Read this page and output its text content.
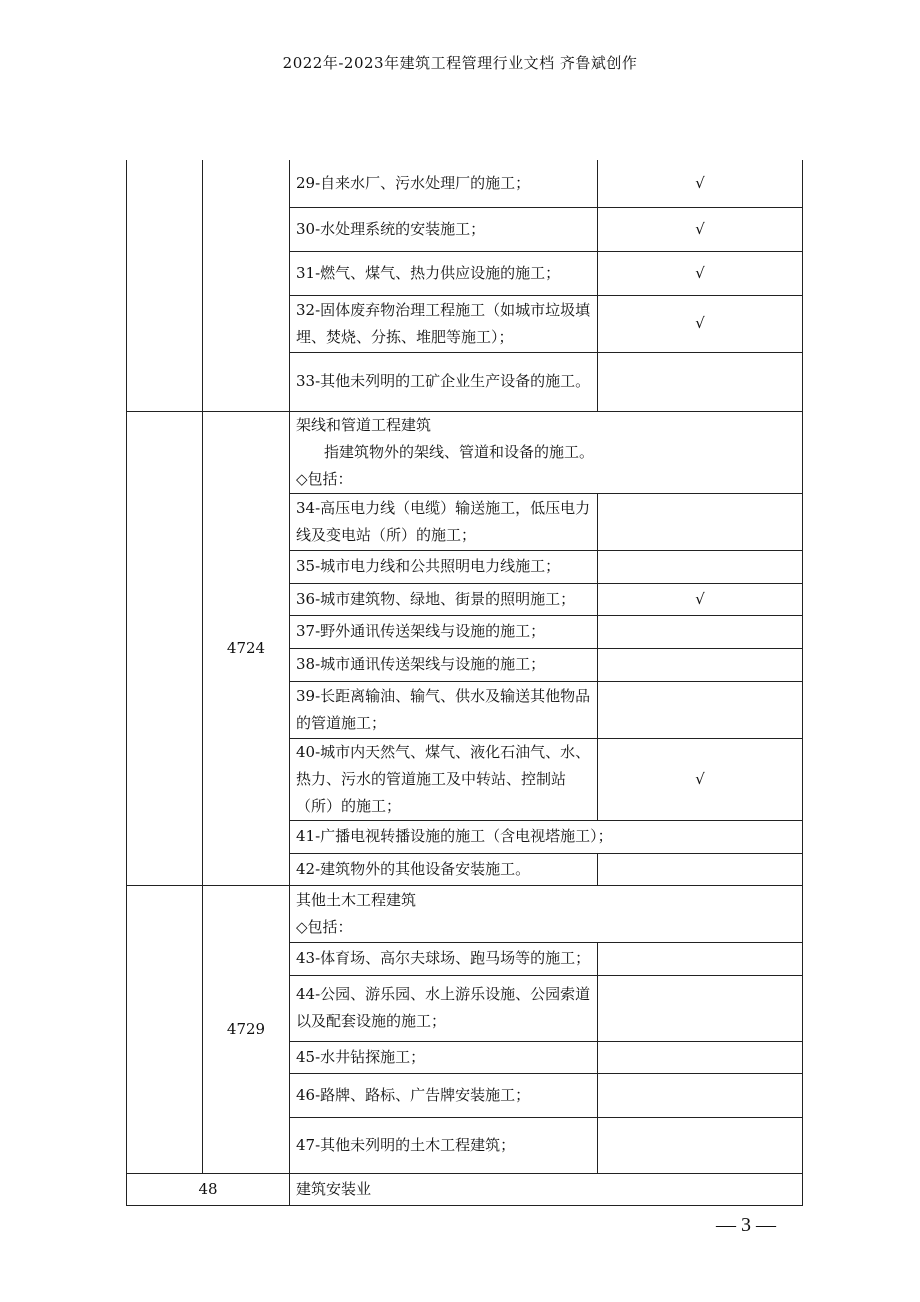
2022年-2023年建筑工程管理行业文档 齐鲁斌创作
		29-自来水厂、污水处理厂的施工；	√
		30-水处理系统的安装施工；	√
		31-燃气、煤气、热力供应设施的施工；	√
		32-固体废弃物治理工程施工（如城市垃圾填埋、焚烧、分拣、堆肥等施工）；	√
		33-其他未列明的工矿企业生产设备的施工。	
	4724	架线和管道工程建筑
指建筑物外的架线、管道和设备的施工。
◇包括：	

		34-高压电力线（电缆）输送施工，低压电力线及变电站（所）的施工；	
		35-城市电力线和公共照明电力线施工；	
		36-城市建筑物、绿地、街景的照明施工；	√
		37-野外通讯传送架线与设施的施工；	
		38-城市通讯传送架线与设施的施工；	
		39-长距离输油、输气、供水及输送其他物品的管道施工；	
		40-城市内天然气、煤气、液化石油气、水、热力、污水的管道施工及中转站、控制站（所）的施工；	√
		41-广播电视转播设施的施工（含电视塔施工）；	
		42-建筑物外的其他设备安装施工。	
	4729	其他土木工程建筑
◇包括：	

		43-体育场、高尔夫球场、跑马场等的施工；	
		44-公园、游乐园、水上游乐设施、公园索道以及配套设施的施工；	
		45-水井钻探施工；	
		46-路牌、路标、广告牌安装施工；	
		47-其他未列明的土木工程建筑；	
48		建筑安装业	
— 3 —
